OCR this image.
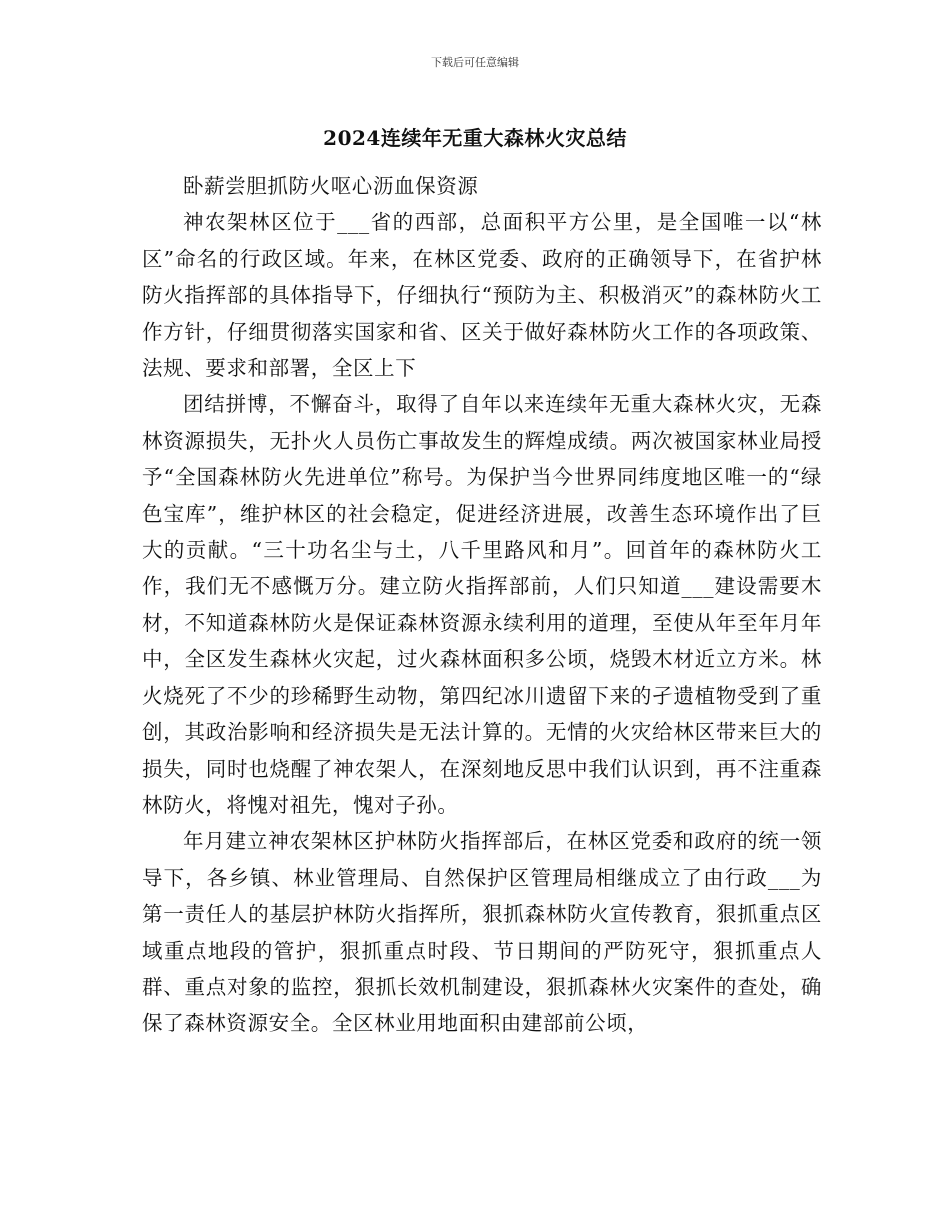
下载后可任意编辑
2024连续年无重大森林火灾总结

卧薪尝胆抓防火呕心沥血保资源

神农架林区位于___省的西部，总面积平方公里，是全国唯一以“林区”命名的行政区域。年来，在林区党委、政府的正确领导下，在省护林防火指挥部的具体指导下，仔细执行“预防为主、积极消灭”的森林防火工作方针，仔细贯彻落实国家和省、区关于做好森林防火工作的各项政策、法规、要求和部署，全区上下

团结拼博，不懈奋斗，取得了自年以来连续年无重大森林火灾，无森林资源损失，无扑火人员伤亡事故发生的辉煌成绩。两次被国家林业局授予“全国森林防火先进单位”称号。为保护当今世界同纬度地区唯一的“绿色宝库”，维护林区的社会稳定，促进经济进展，改善生态环境作出了巨大的贡献。“三十功名尘与土，八千里路风和月”。回首年的森林防火工作，我们无不感慨万分。建立防火指挥部前，人们只知道___建设需要木材，不知道森林防火是保证森林资源永续利用的道理，至使从年至年月年中，全区发生森林火灾起，过火森林面积多公顷，烧毁木材近立方米。林火烧死了不少的珍稀野生动物，第四纪冰川遗留下来的孑遗植物受到了重创，其政治影响和经济损失是无法计算的。无情的火灾给林区带来巨大的损失，同时也烧醒了神农架人，在深刻地反思中我们认识到，再不注重森林防火，将愧对祖先，愧对子孙。

年月建立神农架林区护林防火指挥部后，在林区党委和政府的统一领导下，各乡镇、林业管理局、自然保护区管理局相继成立了由行政___为第一责任人的基层护林防火指挥所，狠抓森林防火宣传教育，狠抓重点区域重点地段的管护，狠抓重点时段、节日期间的严防死守，狠抓重点人群、重点对象的监控，狠抓长效机制建设，狠抓森林火灾案件的查处，确保了森林资源安全。全区林业用地面积由建部前公顷，
